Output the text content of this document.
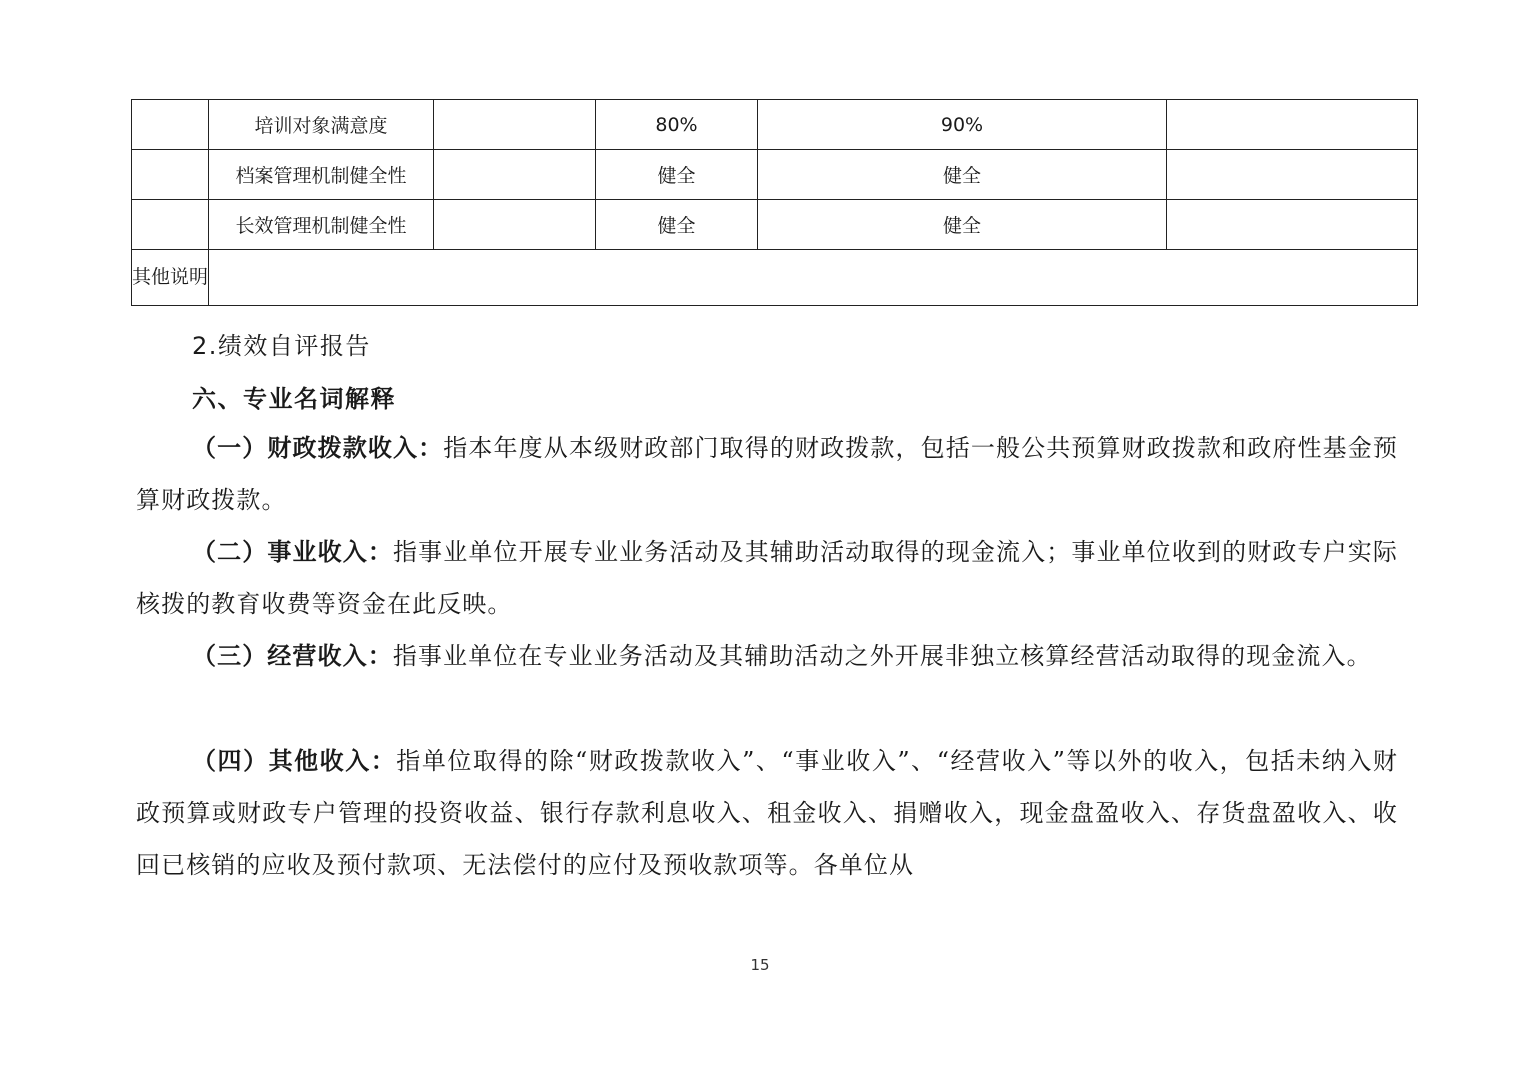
	培训对象满意度		80%	90%	
	档案管理机制健全性		健全	健全	
	长效管理机制健全性		健全	健全	
其他说明					

2.绩效自评报告

六、专业名词解释

（一）财政拨款收入：指本年度从本级财政部门取得的财政拨款，包括一般公共预算财政拨款和政府性基金预算财政拨款。

（二）事业收入：指事业单位开展专业业务活动及其辅助活动取得的现金流入；事业单位收到的财政专户实际核拨的教育收费等资金在此反映。

（三）经营收入：指事业单位在专业业务活动及其辅助活动之外开展非独立核算经营活动取得的现金流入。

（四）其他收入：指单位取得的除“财政拨款收入”、“事业收入”、“经营收入”等以外的收入，包括未纳入财政预算或财政专户管理的投资收益、银行存款利息收入、租金收入、捐赠收入，现金盘盈收入、存货盘盈收入、收回已核销的应收及预付款项、无法偿付的应付及预收款项等。各单位从

15
